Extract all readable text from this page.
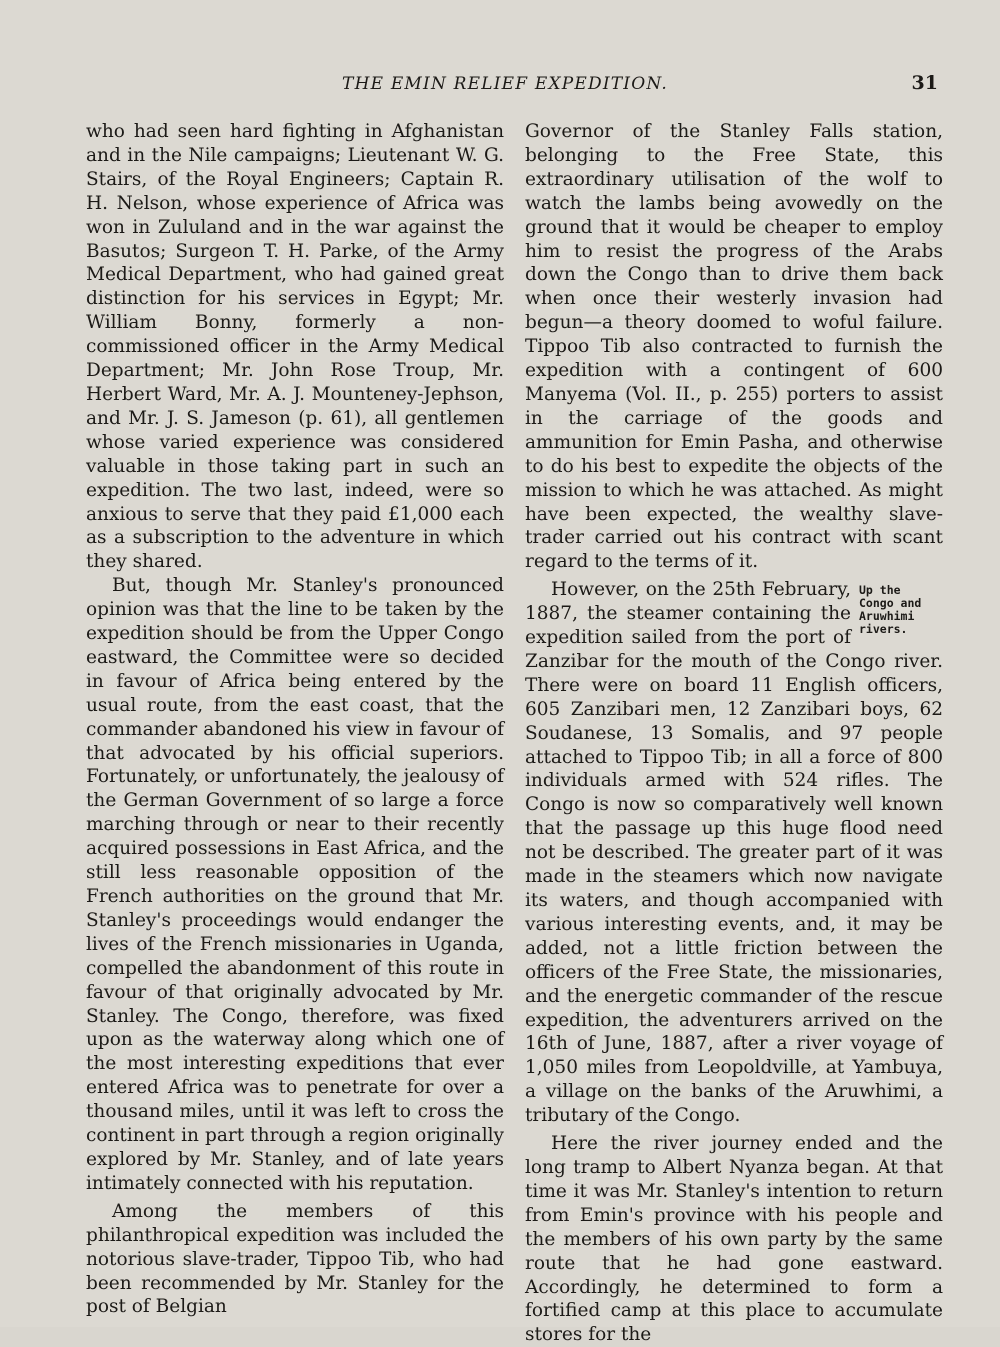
THE EMIN RELIEF EXPEDITION.	31

who had seen hard fighting in Afghanistan and in the Nile campaigns; Lieutenant W. G. Stairs, of the Royal Engineers; Captain R. H. Nelson, whose experience of Africa was won in Zululand and in the war against the Basutos; Surgeon T. H. Parke, of the Army Medical Department, who had gained great distinction for his services in Egypt; Mr. William Bonny, formerly a non-commissioned officer in the Army Medical Department; Mr. John Rose Troup, Mr. Herbert Ward, Mr. A. J. Mounteney-Jephson, and Mr. J. S. Jameson (p. 61), all gentlemen whose varied experience was considered valuable in those taking part in such an expedition. The two last, indeed, were so anxious to serve that they paid £1,000 each as a subscription to the adventure in which they shared.

But, though Mr. Stanley's pronounced opinion was that the line to be taken by the expedition should be from the Upper Congo eastward, the Committee were so decided in favour of Africa being entered by the usual route, from the east coast, that the commander abandoned his view in favour of that advocated by his official superiors. Fortunately, or unfortunately, the jealousy of the German Government of so large a force marching through or near to their recently acquired possessions in East Africa, and the still less reasonable opposition of the French authorities on the ground that Mr. Stanley's proceedings would endanger the lives of the French missionaries in Uganda, compelled the abandonment of this route in favour of that originally advocated by Mr. Stanley. The Congo, therefore, was fixed upon as the waterway along which one of the most interesting expeditions that ever entered Africa was to penetrate for over a thousand miles, until it was left to cross the continent in part through a region originally explored by Mr. Stanley, and of late years intimately connected with his reputation.

Among the members of this philanthropical expedition was included the notorious slave-trader, Tippoo Tib, who had been recommended by Mr. Stanley for the post of Belgian

Governor of the Stanley Falls station, belonging to the Free State, this extraordinary utilisation of the wolf to watch the lambs being avowedly on the ground that it would be cheaper to employ him to resist the progress of the Arabs down the Congo than to drive them back when once their westerly invasion had begun—a theory doomed to woful failure. Tippoo Tib also contracted to furnish the expedition with a contingent of 600 Manyema (Vol. II., p. 255) porters to assist in the carriage of the goods and ammunition for Emin Pasha, and otherwise to do his best to expedite the objects of the mission to which he was attached. As might have been expected, the wealthy slave-trader carried out his contract with scant regard to the terms of it.

Up the
Congo and
Aruwhimi
rivers.
However, on the 25th February, 1887, the steamer containing the expedition sailed from the port of Zanzibar for the mouth of the Congo river. There were on board 11 English officers, 605 Zanzibari men, 12 Zanzibari boys, 62 Soudanese, 13 Somalis, and 97 people attached to Tippoo Tib; in all a force of 800 individuals armed with 524 rifles. The Congo is now so comparatively well known that the passage up this huge flood need not be described. The greater part of it was made in the steamers which now navigate its waters, and though accompanied with various interesting events, and, it may be added, not a little friction between the officers of the Free State, the missionaries, and the energetic commander of the rescue expedition, the adventurers arrived on the 16th of June, 1887, after a river voyage of 1,050 miles from Leopoldville, at Yambuya, a village on the banks of the Aruwhimi, a tributary of the Congo.

Here the river journey ended and the long tramp to Albert Nyanza began. At that time it was Mr. Stanley's intention to return from Emin's province with his people and the members of his own party by the same route that he had gone eastward. Accordingly, he determined to form a fortified camp at this place to accumulate stores for the
